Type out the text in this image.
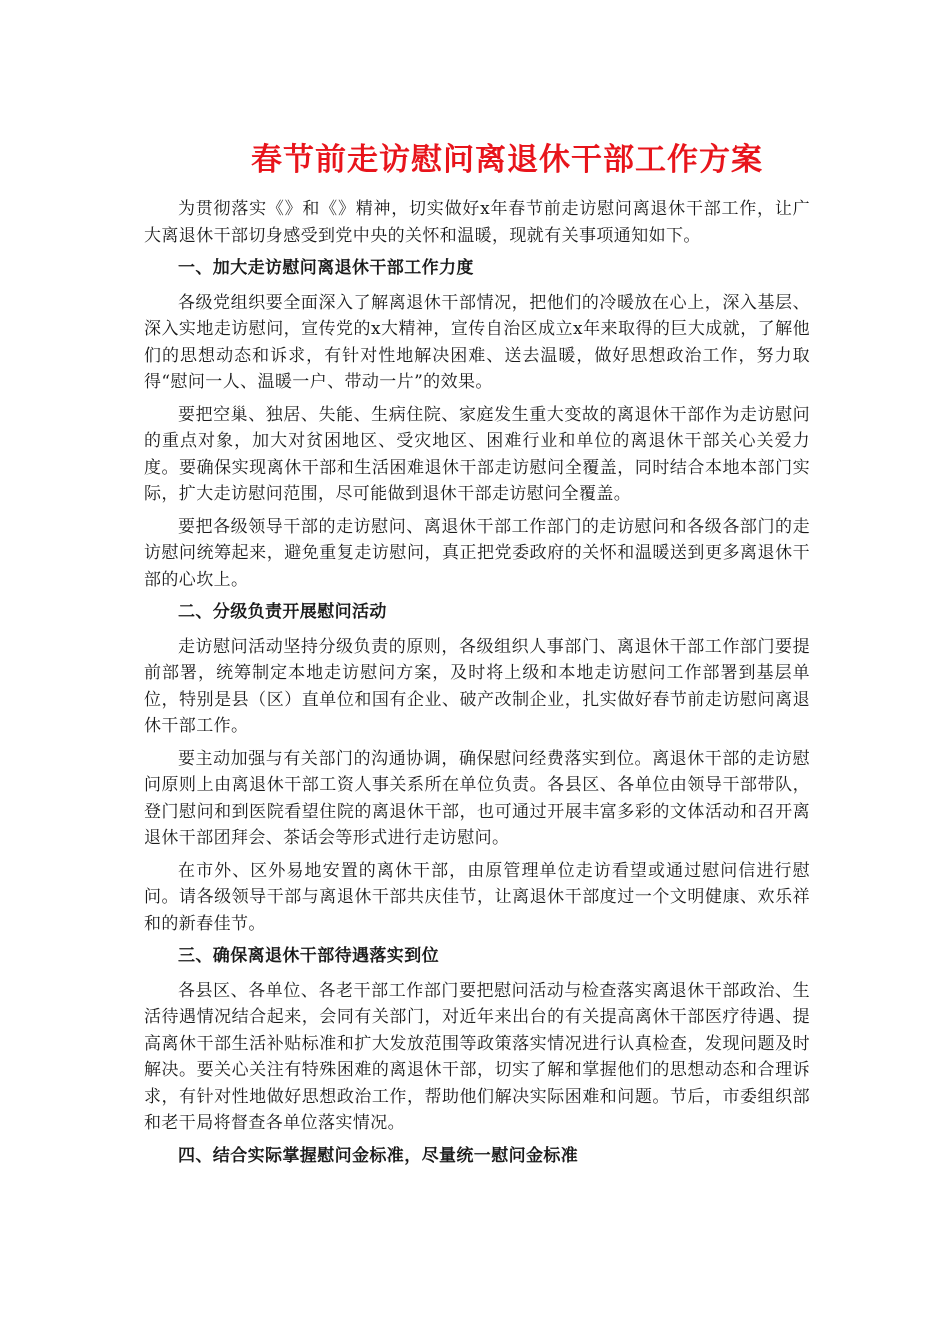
春节前走访慰问离退休干部工作方案

为贯彻落实《》和《》精神，切实做好x年春节前走访慰问离退休干部工作，让广大离退休干部切身感受到党中央的关怀和温暖，现就有关事项通知如下。

一、加大走访慰问离退休干部工作力度

各级党组织要全面深入了解离退休干部情况，把他们的冷暖放在心上，深入基层、深入实地走访慰问，宣传党的x大精神，宣传自治区成立x年来取得的巨大成就，了解他们的思想动态和诉求，有针对性地解决困难、送去温暖，做好思想政治工作，努力取得“慰问一人、温暖一户、带动一片”的效果。

要把空巢、独居、失能、生病住院、家庭发生重大变故的离退休干部作为走访慰问的重点对象，加大对贫困地区、受灾地区、困难行业和单位的离退休干部关心关爱力度。要确保实现离休干部和生活困难退休干部走访慰问全覆盖，同时结合本地本部门实际，扩大走访慰问范围，尽可能做到退休干部走访慰问全覆盖。

要把各级领导干部的走访慰问、离退休干部工作部门的走访慰问和各级各部门的走访慰问统筹起来，避免重复走访慰问，真正把党委政府的关怀和温暖送到更多离退休干部的心坎上。

二、分级负责开展慰问活动

走访慰问活动坚持分级负责的原则，各级组织人事部门、离退休干部工作部门要提前部署，统筹制定本地走访慰问方案，及时将上级和本地走访慰问工作部署到基层单位，特别是县（区）直单位和国有企业、破产改制企业，扎实做好春节前走访慰问离退休干部工作。

要主动加强与有关部门的沟通协调，确保慰问经费落实到位。离退休干部的走访慰问原则上由离退休干部工资人事关系所在单位负责。各县区、各单位由领导干部带队，登门慰问和到医院看望住院的离退休干部，也可通过开展丰富多彩的文体活动和召开离退休干部团拜会、茶话会等形式进行走访慰问。

在市外、区外易地安置的离休干部，由原管理单位走访看望或通过慰问信进行慰问。请各级领导干部与离退休干部共庆佳节，让离退休干部度过一个文明健康、欢乐祥和的新春佳节。

三、确保离退休干部待遇落实到位

各县区、各单位、各老干部工作部门要把慰问活动与检查落实离退休干部政治、生活待遇情况结合起来，会同有关部门，对近年来出台的有关提高离休干部医疗待遇、提高离休干部生活补贴标准和扩大发放范围等政策落实情况进行认真检查，发现问题及时解决。要关心关注有特殊困难的离退休干部，切实了解和掌握他们的思想动态和合理诉求，有针对性地做好思想政治工作，帮助他们解决实际困难和问题。节后，市委组织部和老干局将督查各单位落实情况。

四、结合实际掌握慰问金标准，尽量统一慰问金标准
